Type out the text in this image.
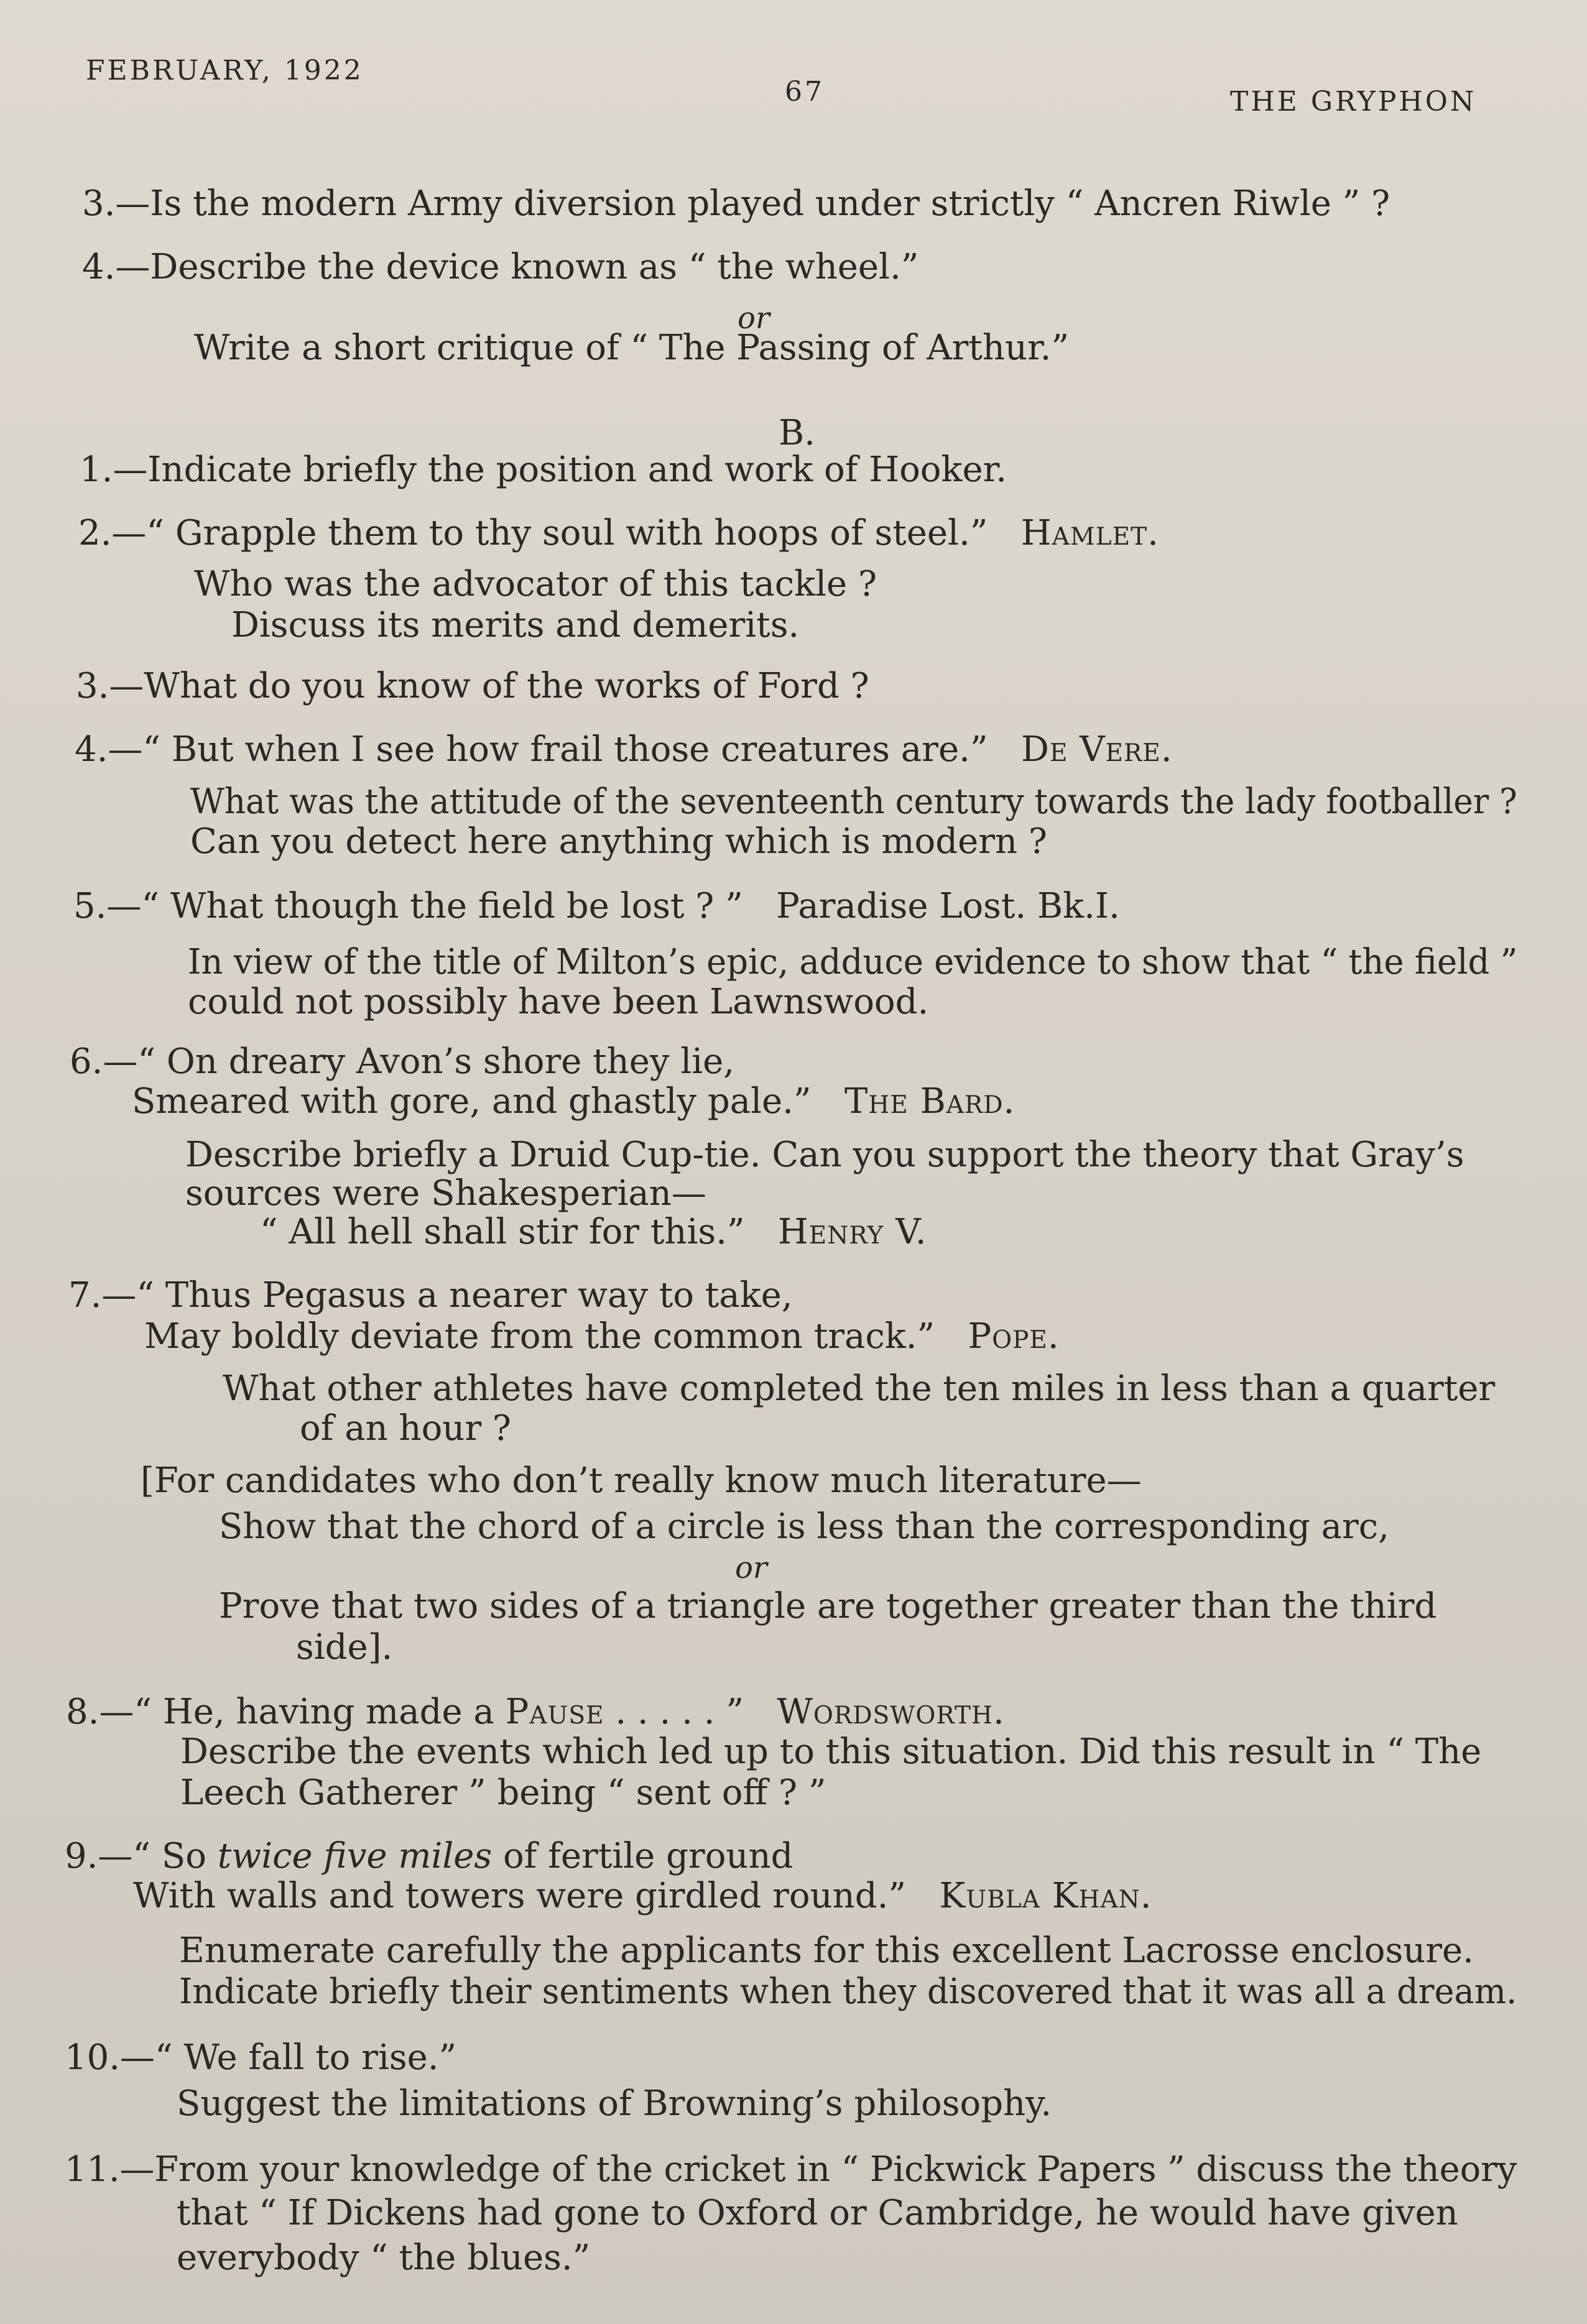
FEBRUARY, 1922
67	THE GRYPHON
3.—Is the modern Army diversion played under strictly “ Ancren Riwle ” ?
4.—Describe the device known as “ the wheel.”
or
Write a short critique of “ The Passing of Arthur.”
B.
1.—Indicate briefly the position and work of Hooker.
2.—“ Grapple them to thy soul with hoops of steel.” Hamlet.
Who was the advocator of this tackle ?
Discuss its merits and demerits.
3.—What do you know of the works of Ford ?
4.—“ But when I see how frail those creatures are.” De Vere.
What was the attitude of the seventeenth century towards the lady footballer ?
Can you detect here anything which is modern ?
5.—“ What though the field be lost ? ” Paradise Lost. Bk.I.
In view of the title of Milton’s epic, adduce evidence to show that “ the field ”
could not possibly have been Lawnswood.
6.—“ On dreary Avon’s shore they lie,
Smeared with gore, and ghastly pale.” The Bard.
Describe briefly a Druid Cup-tie. Can you support the theory that Gray’s
sources were Shakesperian—
“ All hell shall stir for this.” Henry V.
7.—“ Thus Pegasus a nearer way to take,
May boldly deviate from the common track.” Pope.
What other athletes have completed the ten miles in less than a quarter
of an hour ?
[For candidates who don’t really know much literature—
Show that the chord of a circle is less than the corresponding arc,
or
Prove that two sides of a triangle are together greater than the third
side].
8.—“ He, having made a Pause . . . . . ” Wordsworth.
Describe the events which led up to this situation. Did this result in “ The
Leech Gatherer ” being “ sent off ? ”
9.—“ So twice five miles of fertile ground
With walls and towers were girdled round.” Kubla Khan.
Enumerate carefully the applicants for this excellent Lacrosse enclosure.
Indicate briefly their sentiments when they discovered that it was all a dream.
10.—“ We fall to rise.”
Suggest the limitations of Browning’s philosophy.
11.—From your knowledge of the cricket in “ Pickwick Papers ” discuss the theory
that “ If Dickens had gone to Oxford or Cambridge, he would have given
everybody “ the blues.”
